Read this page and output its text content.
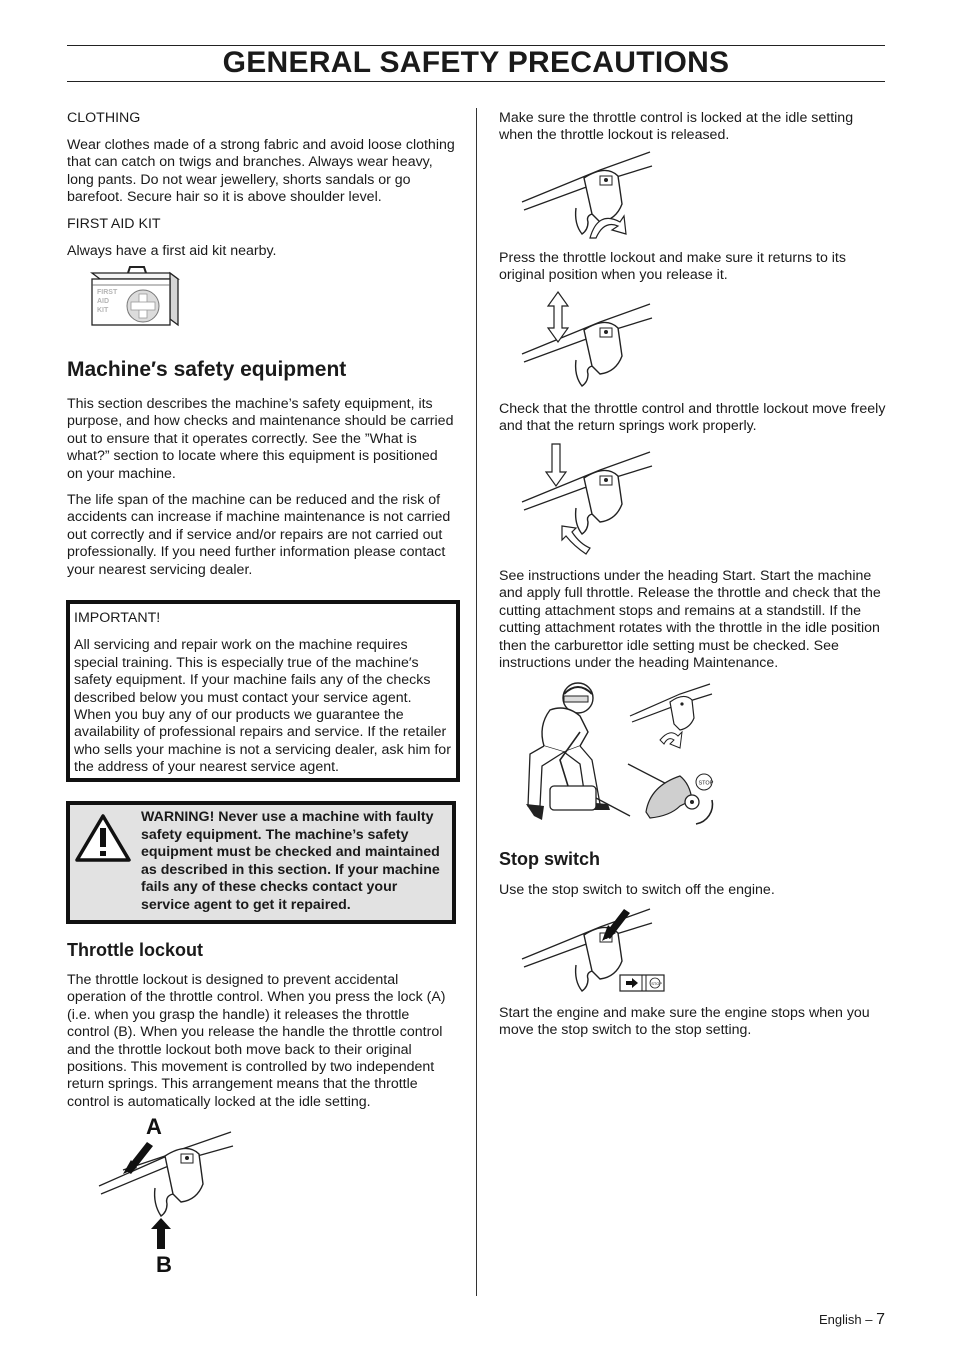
GENERAL SAFETY PRECAUTIONS

CLOTHING

Wear clothes made of a strong fabric and avoid loose clothing that can catch on twigs and branches. Always wear heavy, long pants. Do not wear jewellery, shorts sandals or go barefoot. Secure hair so it is above shoulder level.

FIRST AID KIT

Always have a first aid kit nearby.

FIRST
AID
KIT
Machine′s safety equipment

This section describes the machine’s safety equipment, its purpose, and how checks and maintenance should be carried out to ensure that it operates correctly. See the ”What is what?” section to locate where this equipment is positioned on your machine.

The life span of the machine can be reduced and the risk of accidents can increase if machine maintenance is not carried out correctly and if service and/or repairs are not carried out professionally. If you need further information please contact your nearest servicing dealer.

IMPORTANT!

All servicing and repair work on the machine requires special training. This is especially true of the machine′s safety equipment. If your machine fails any of the checks described below you must contact your service agent. When you buy any of our products we guarantee the availability of professional repairs and service. If the retailer who sells your machine is not a servicing dealer, ask him for the address of your nearest service agent.

WARNING! Never use a machine with faulty safety equipment. The machine’s safety equipment must be checked and maintained as described in this section. If your machine fails any of these checks contact your service agent to get it repaired.
Throttle lockout

The throttle lockout is designed to prevent accidental operation of the throttle control. When you press the lock (A) (i.e. when you grasp the handle) it releases the throttle control (B). When you release the handle the throttle control and the throttle lockout both move back to their original positions. This movement is controlled by two independent return springs. This arrangement means that the throttle control is automatically locked at the idle setting.

A
B

Make sure the throttle control is locked at the idle setting when the throttle lockout is released.

Press the throttle lockout and make sure it returns to its original position when you release it.

Check that the throttle control and throttle lockout move freely and that the return springs work properly.

See instructions under the heading Start. Start the machine and apply full throttle. Release the throttle and check that the cutting attachment stops and remains at a standstill. If the cutting attachment rotates with the throttle in the idle position then the carburettor idle setting must be checked. See instructions under the heading Maintenance.

STOP
Stop switch

Use the stop switch to switch off the engine.

STOP

Start the engine and make sure the engine stops when you move the stop switch to the stop setting.

English – 7
